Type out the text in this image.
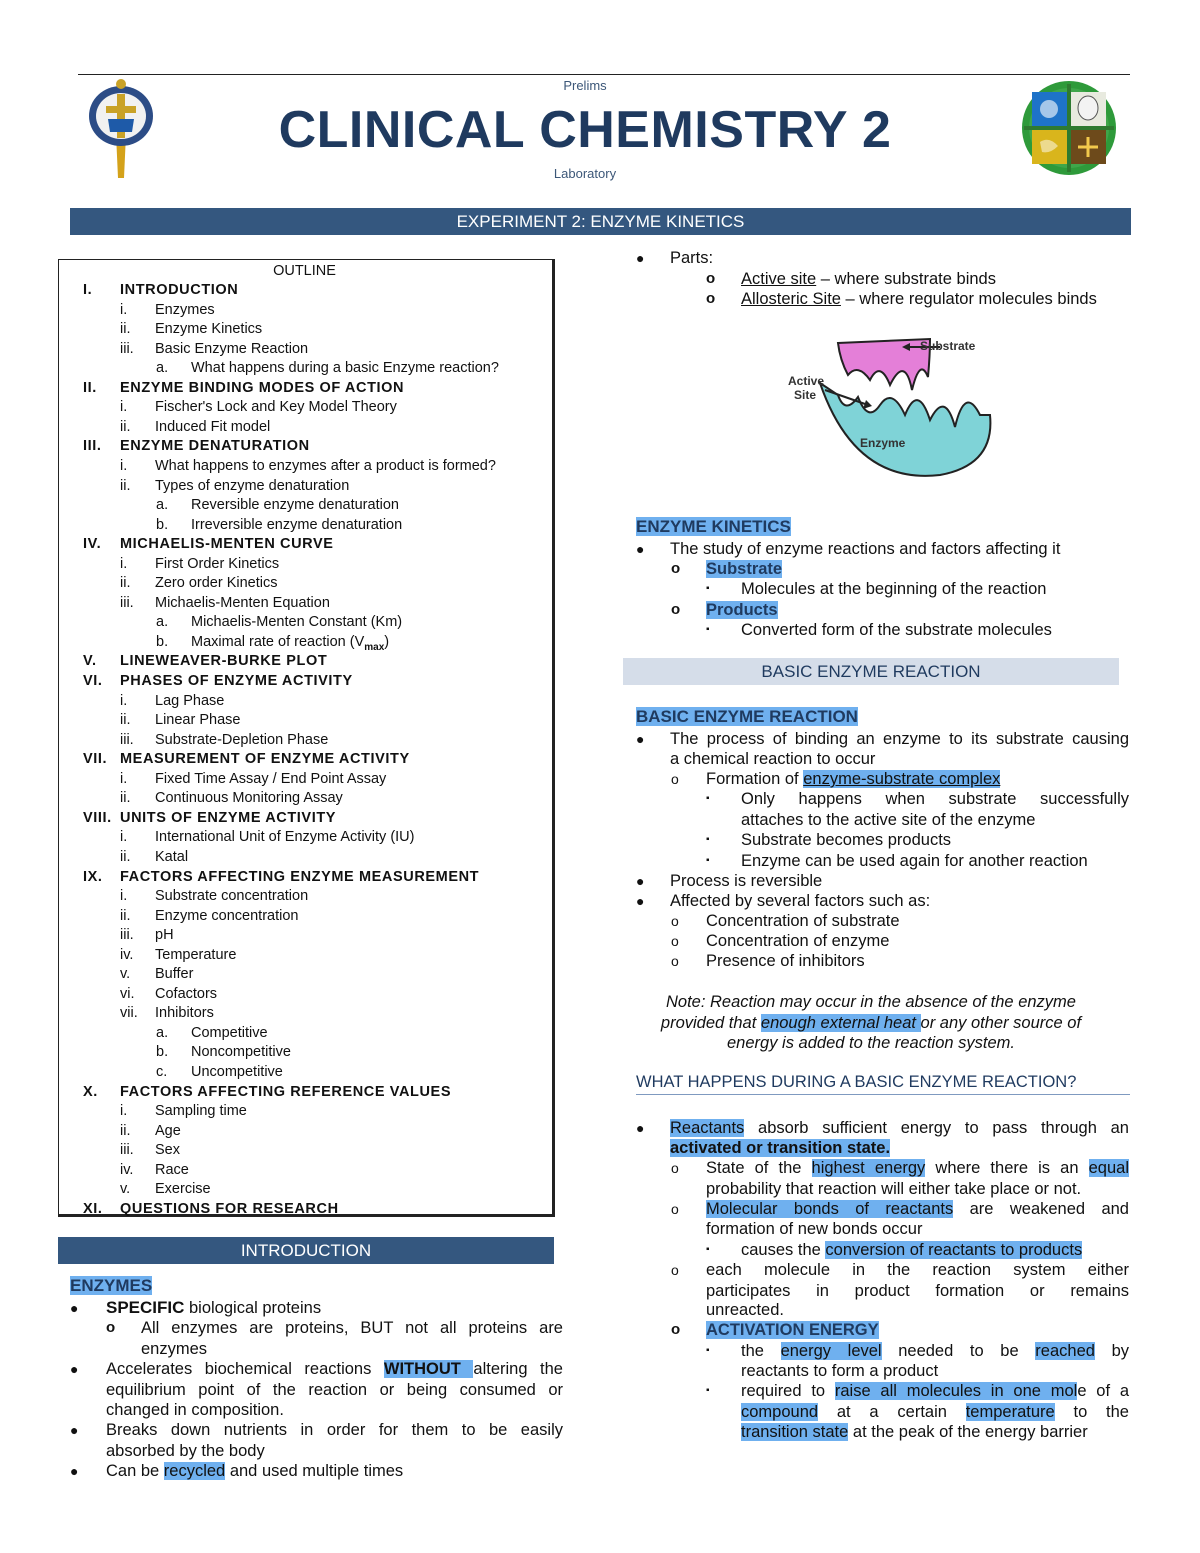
Prelims
CLINICAL CHEMISTRY 2
Laboratory
EXPERIMENT 2: ENZYME KINETICS
OUTLINE
I. INTRODUCTION
i. Enzymes
ii. Enzyme Kinetics
iii. Basic Enzyme Reaction
a. What happens during a basic Enzyme reaction?
II. ENZYME BINDING MODES OF ACTION
i. Fischer's Lock and Key Model Theory
ii. Induced Fit model
III. ENZYME DENATURATION
i. What happens to enzymes after a product is formed?
ii. Types of enzyme denaturation
a. Reversible enzyme denaturation
b. Irreversible enzyme denaturation
IV. MICHAELIS-MENTEN CURVE
i. First Order Kinetics
ii. Zero order Kinetics
iii. Michaelis-Menten Equation
a. Michaelis-Menten Constant (Km)
b. Maximal rate of reaction $(V_{max})$
V. LINEWEAVER-BURKE PLOT
VI. PHASES OF ENZYME ACTIVITY
i. Lag Phase
ii. Linear Phase
iii. Substrate-Depletion Phase
VII. MEASUREMENT OF ENZYME ACTIVITY
i. Fixed Time Assay / End Point Assay
ii. Continuous Monitoring Assay
VIII. UNITS OF ENZYME ACTIVITY
i. International Unit of Enzyme Activity (IU)
ii. Katal
IX. FACTORS AFFECTING ENZYME MEASUREMENT
i. Substrate concentration
ii. Enzyme concentration
iii. pH
iv. Temperature
v. Buffer
vi. Cofactors
vii. Inhibitors
a. Competitive
b. Noncompetitive
c. Uncompetitive
X. FACTORS AFFECTING REFERENCE VALUES
i. Sampling time
ii. Age
iii. Sex
iv. Race
v. Exercise
XI. QUESTIONS FOR RESEARCH
INTRODUCTION
ENZYMES
● SPECIFIC biological proteins
o All enzymes are proteins, BUT not all proteins are
enzymes
● Accelerates biochemical reactions WITHOUT altering the
equilibrium point of the reaction or being consumed or
changed in composition.
● Breaks down nutrients in order for them to be easily
absorbed by the body
● Can be recycled and used multiple times
● Parts:
o Active site – where substrate binds
o Allosteric Site – where regulator molecules binds
Substrate
Active
Site
Enzyme
ENZYME KINETICS
● The study of enzyme reactions and factors affecting it
o Substrate
▪ Molecules at the beginning of the reaction
o Products
▪ Converted form of the substrate molecules
BASIC ENZYME REACTION
BASIC ENZYME REACTION
● The process of binding an enzyme to its substrate causing
a chemical reaction to occur
o Formation of enzyme-substrate complex
▪ Only happens when substrate successfully
attaches to the active site of the enzyme
▪ Substrate becomes products
▪ Enzyme can be used again for another reaction
● Process is reversible
● Affected by several factors such as:
o Concentration of substrate
o Concentration of enzyme
o Presence of inhibitors
Note: Reaction may occur in the absence of the enzyme
provided that enough external heat or any other source of
energy is added to the reaction system.
WHAT HAPPENS DURING A BASIC ENZYME REACTION?
● Reactants absorb sufficient energy to pass through an
activated or transition state.
o State of the highest energy where there is an equal
probability that reaction will either take place or not.
o Molecular bonds of reactants are weakened and
formation of new bonds occur
▪ causes the conversion of reactants to products
o each molecule in the reaction system either
participates in product formation or remains
unreacted.
o ACTIVATION ENERGY
▪ the energy level needed to be reached by
reactants to form a product
▪ required to raise all molecules in one mole of a
compound at a certain temperature to the
transition state at the peak of the energy barrier
